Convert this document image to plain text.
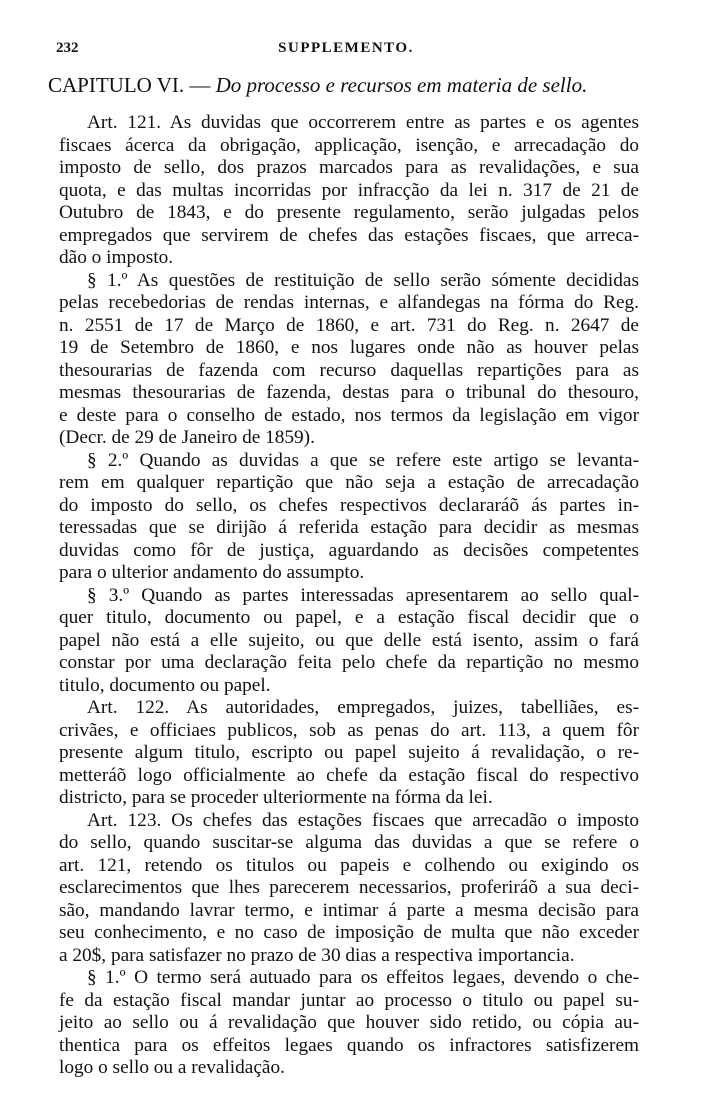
232	SUPPLEMENTO.
CAPITULO VI. — Do processo e recursos em materia de sello.
Art. 121. As duvidas que occorrerem entre as partes e os agentes
fiscaes ácerca da obrigação, applicação, isenção, e arrecadação do
imposto de sello, dos prazos marcados para as revalidações, e sua
quota, e das multas incorridas por infracção da lei n. 317 de 21 de
Outubro de 1843, e do presente regulamento, serão julgadas pelos
empregados que servirem de chefes das estações fiscaes, que arreca-
dão o imposto.
§ 1.º As questões de restituição de sello serão sómente decididas
pelas recebedorias de rendas internas, e alfandegas na fórma do Reg.
n. 2551 de 17 de Março de 1860, e art. 731 do Reg. n. 2647 de
19 de Setembro de 1860, e nos lugares onde não as houver pelas
thesourarias de fazenda com recurso daquellas repartições para as
mesmas thesourarias de fazenda, destas para o tribunal do thesouro,
e deste para o conselho de estado, nos termos da legislação em vigor
(Decr. de 29 de Janeiro de 1859).
§ 2.º Quando as duvidas a que se refere este artigo se levanta-
rem em qualquer repartição que não seja a estação de arrecadação
do imposto do sello, os chefes respectivos declararáõ ás partes in-
teressadas que se dirijão á referida estação para decidir as mesmas
duvidas como fôr de justiça, aguardando as decisões competentes
para o ulterior andamento do assumpto.
§ 3.º Quando as partes interessadas apresentarem ao sello qual-
quer titulo, documento ou papel, e a estação fiscal decidir que o
papel não está a elle sujeito, ou que delle está isento, assim o fará
constar por uma declaração feita pelo chefe da repartição no mesmo
titulo, documento ou papel.
Art. 122. As autoridades, empregados, juizes, tabelliães, es-
crivães, e officiaes publicos, sob as penas do art. 113, a quem fôr
presente algum titulo, escripto ou papel sujeito á revalidação, o re-
metteráõ logo officialmente ao chefe da estação fiscal do respectivo
districto, para se proceder ulteriormente na fórma da lei.
Art. 123. Os chefes das estações fiscaes que arrecadão o imposto
do sello, quando suscitar-se alguma das duvidas a que se refere o
art. 121, retendo os titulos ou papeis e colhendo ou exigindo os
esclarecimentos que lhes parecerem necessarios, proferiráõ a sua deci-
são, mandando lavrar termo, e intimar á parte a mesma decisão para
seu conhecimento, e no caso de imposição de multa que não exceder
a 20$, para satisfazer no prazo de 30 dias a respectiva importancia.
§ 1.º O termo será autuado para os effeitos legaes, devendo o che-
fe da estação fiscal mandar juntar ao processo o titulo ou papel su-
jeito ao sello ou á revalidação que houver sido retido, ou cópia au-
thentica para os effeitos legaes quando os infractores satisfizerem
logo o sello ou a revalidação.
